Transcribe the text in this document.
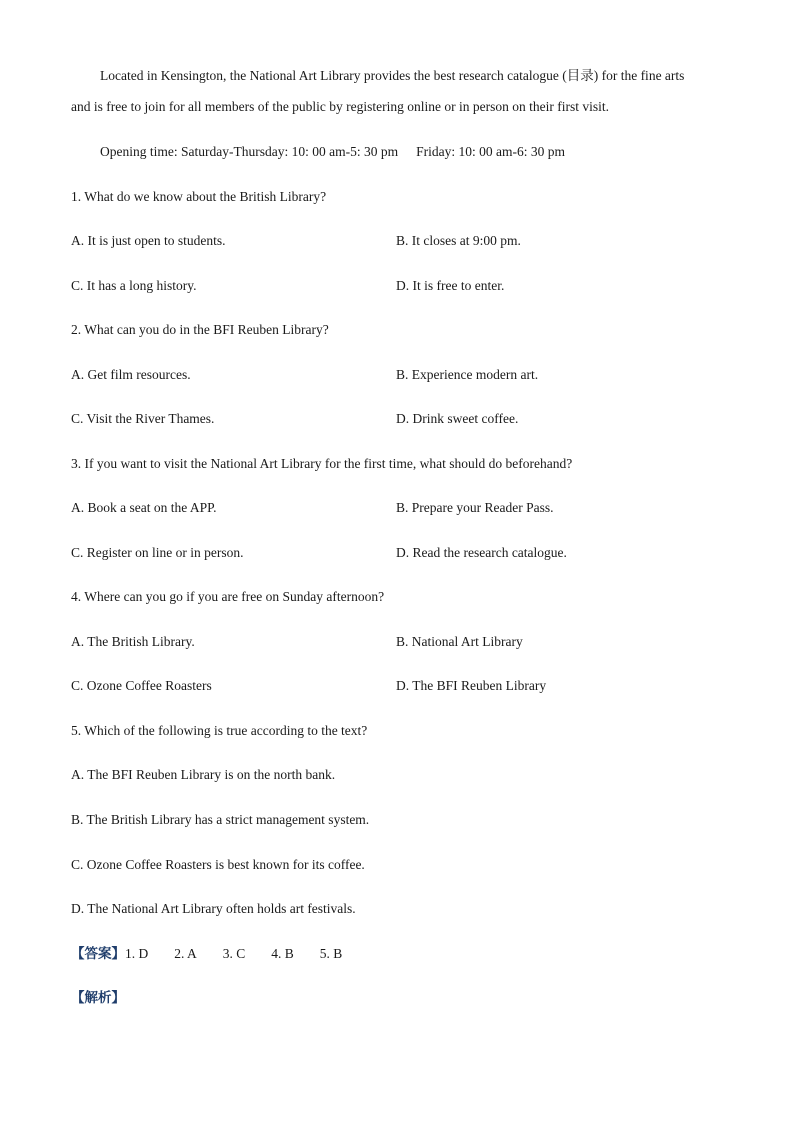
Located in Kensington, the National Art Library provides the best research catalogue (目录) for the fine arts
and is free to join for all members of the public by registering online or in person on their first visit.
Opening time: Saturday-Thursday: 10: 00 am-5: 30 pm Friday: 10: 00 am-6: 30 pm
1. What do we know about the British Library?
A. It is just open to students.	B. It closes at 9:00 pm.
C. It has a long history.	D. It is free to enter.
2. What can you do in the BFI Reuben Library?
A. Get film resources.	B. Experience modern art.
C. Visit the River Thames.	D. Drink sweet coffee.
3. If you want to visit the National Art Library for the first time, what should do beforehand?
A. Book a seat on the APP.	B. Prepare your Reader Pass.
C. Register on line or in person.	D. Read the research catalogue.
4. Where can you go if you are free on Sunday afternoon?
A. The British Library.	B. National Art Library
C. Ozone Coffee Roasters	D. The BFI Reuben Library
5. Which of the following is true according to the text?
A. The BFI Reuben Library is on the north bank.
B. The British Library has a strict management system.
C. Ozone Coffee Roasters is best known for its coffee.
D. The National Art Library often holds art festivals.
【答案】1. D 2. A 3. C 4. B 5. B
【解析】
